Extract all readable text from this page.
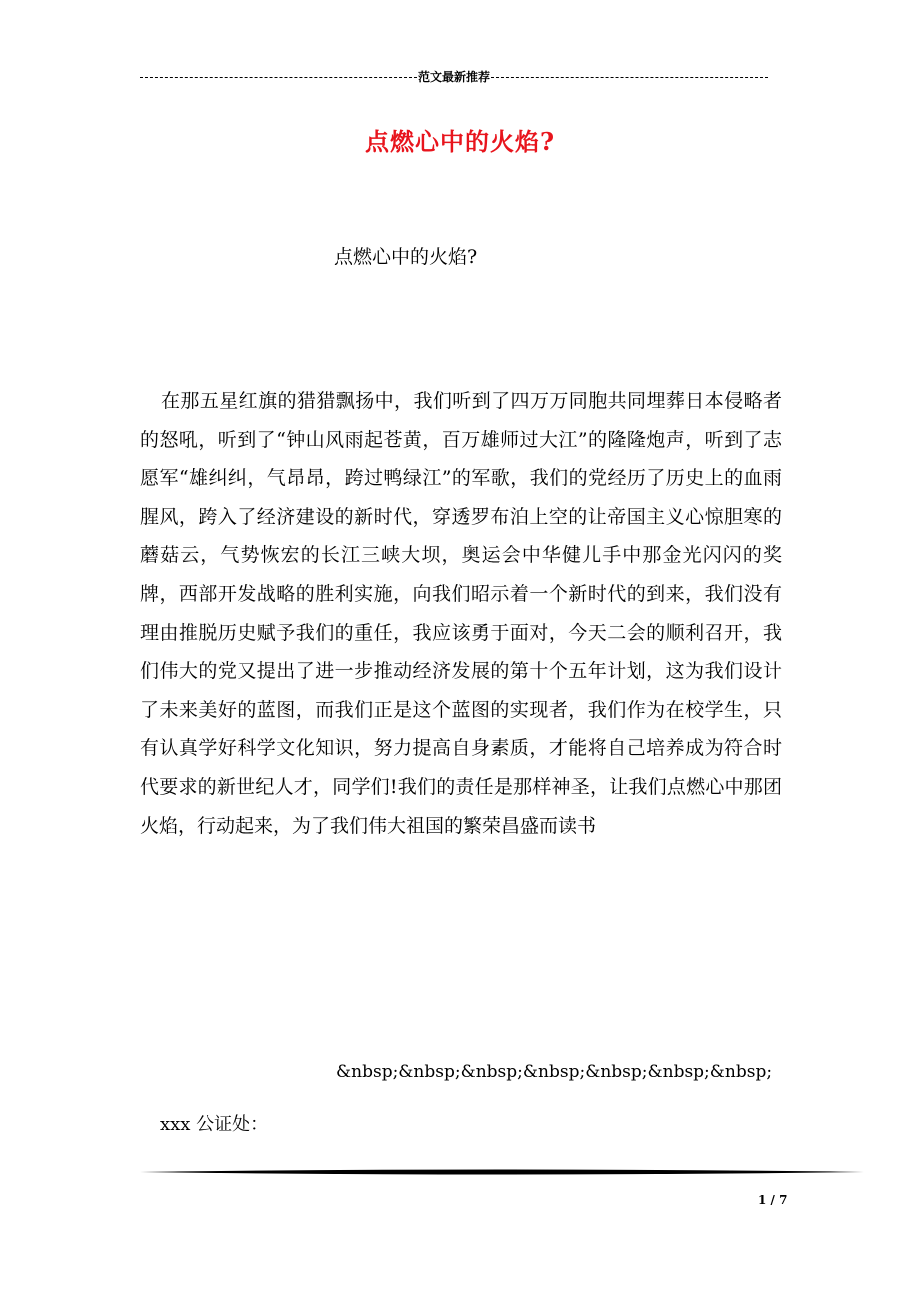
范文最新推荐
点燃心中的火焰?
点燃心中的火焰?
在那五星红旗的猎猎飘扬中，我们听到了四万万同胞共同埋葬日本侵略者的怒吼，听到了“钟山风雨起苍黄，百万雄师过大江”的隆隆炮声，听到了志愿军“雄纠纠，气昂昂，跨过鸭绿江”的军歌，我们的党经历了历史上的血雨腥风，跨入了经济建设的新时代，穿透罗布泊上空的让帝国主义心惊胆寒的蘑菇云，气势恢宏的长江三峡大坝，奥运会中华健儿手中那金光闪闪的奖牌，西部开发战略的胜利实施，向我们昭示着一个新时代的到来，我们没有理由推脱历史赋予我们的重任，我应该勇于面对，今天二会的顺利召开，我们伟大的党又提出了进一步推动经济发展的第十个五年计划，这为我们设计了未来美好的蓝图，而我们正是这个蓝图的实现者，我们作为在校学生，只有认真学好科学文化知识，努力提高自身素质，才能将自己培养成为符合时代要求的新世纪人才，同学们!我们的责任是那样神圣，让我们点燃心中那团火焰，行动起来，为了我们伟大祖国的繁荣昌盛而读书
&nbsp;&nbsp;&nbsp;&nbsp;&nbsp;&nbsp;&nbsp;
xxx 公证处：
1 / 7
